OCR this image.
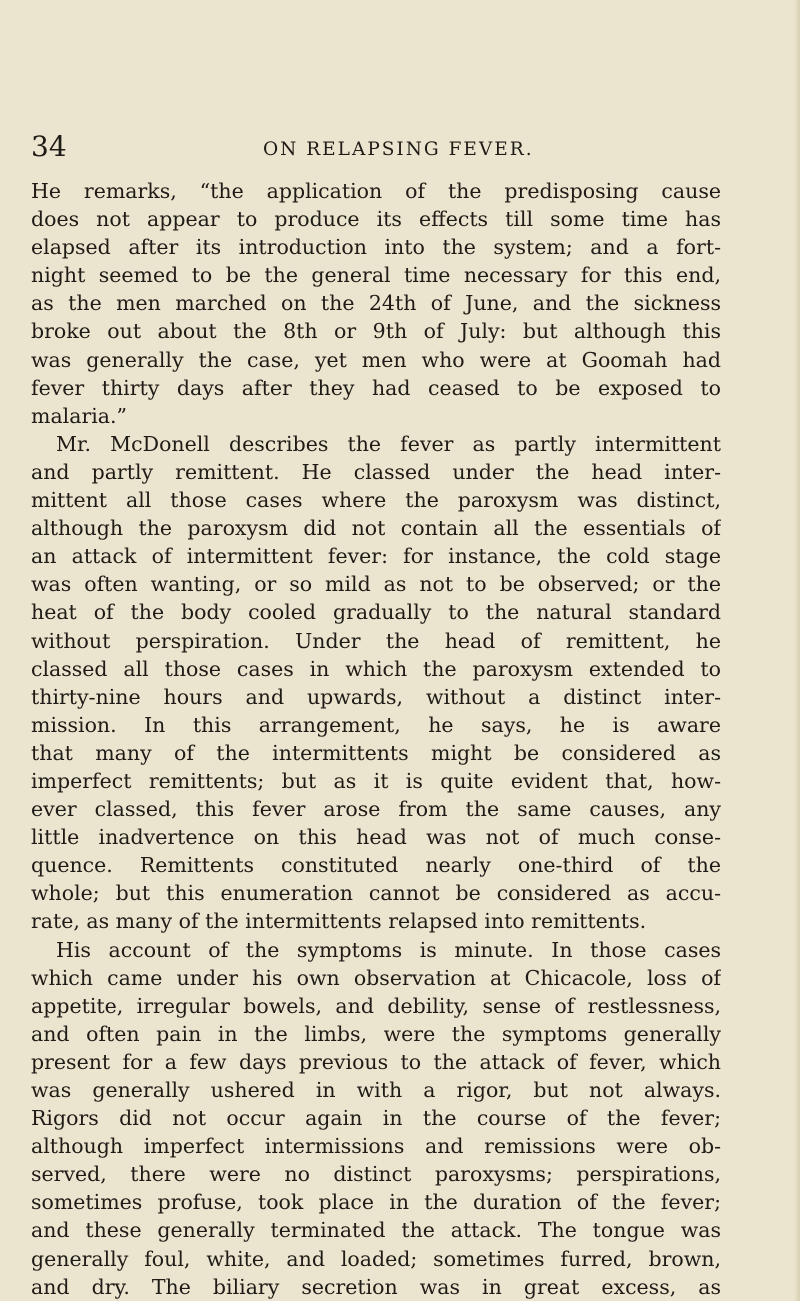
34	ON RELAPSING FEVER.
He remarks, “the application of the predisposing cause
does not appear to produce its effects till some time has
elapsed after its introduction into the system; and a fort-
night seemed to be the general time necessary for this end,
as the men marched on the 24th of June, and the sickness
broke out about the 8th or 9th of July: but although this
was generally the case, yet men who were at Goomah had
fever thirty days after they had ceased to be exposed to
malaria.”
Mr. McDonell describes the fever as partly intermittent
and partly remittent. He classed under the head inter-
mittent all those cases where the paroxysm was distinct,
although the paroxysm did not contain all the essentials of
an attack of intermittent fever: for instance, the cold stage
was often wanting, or so mild as not to be observed; or the
heat of the body cooled gradually to the natural standard
without perspiration. Under the head of remittent, he
classed all those cases in which the paroxysm extended to
thirty-nine hours and upwards, without a distinct inter-
mission. In this arrangement, he says, he is aware
that many of the intermittents might be considered as
imperfect remittents; but as it is quite evident that, how-
ever classed, this fever arose from the same causes, any
little inadvertence on this head was not of much conse-
quence. Remittents constituted nearly one-third of the
whole; but this enumeration cannot be considered as accu-
rate, as many of the intermittents relapsed into remittents.
His account of the symptoms is minute. In those cases
which came under his own observation at Chicacole, loss of
appetite, irregular bowels, and debility, sense of restlessness,
and often pain in the limbs, were the symptoms generally
present for a few days previous to the attack of fever, which
was generally ushered in with a rigor, but not always.
Rigors did not occur again in the course of the fever;
although imperfect intermissions and remissions were ob-
served, there were no distinct paroxysms; perspirations,
sometimes profuse, took place in the duration of the fever;
and these generally terminated the attack. The tongue was
generally foul, white, and loaded; sometimes furred, brown,
and dry. The biliary secretion was in great excess, as
